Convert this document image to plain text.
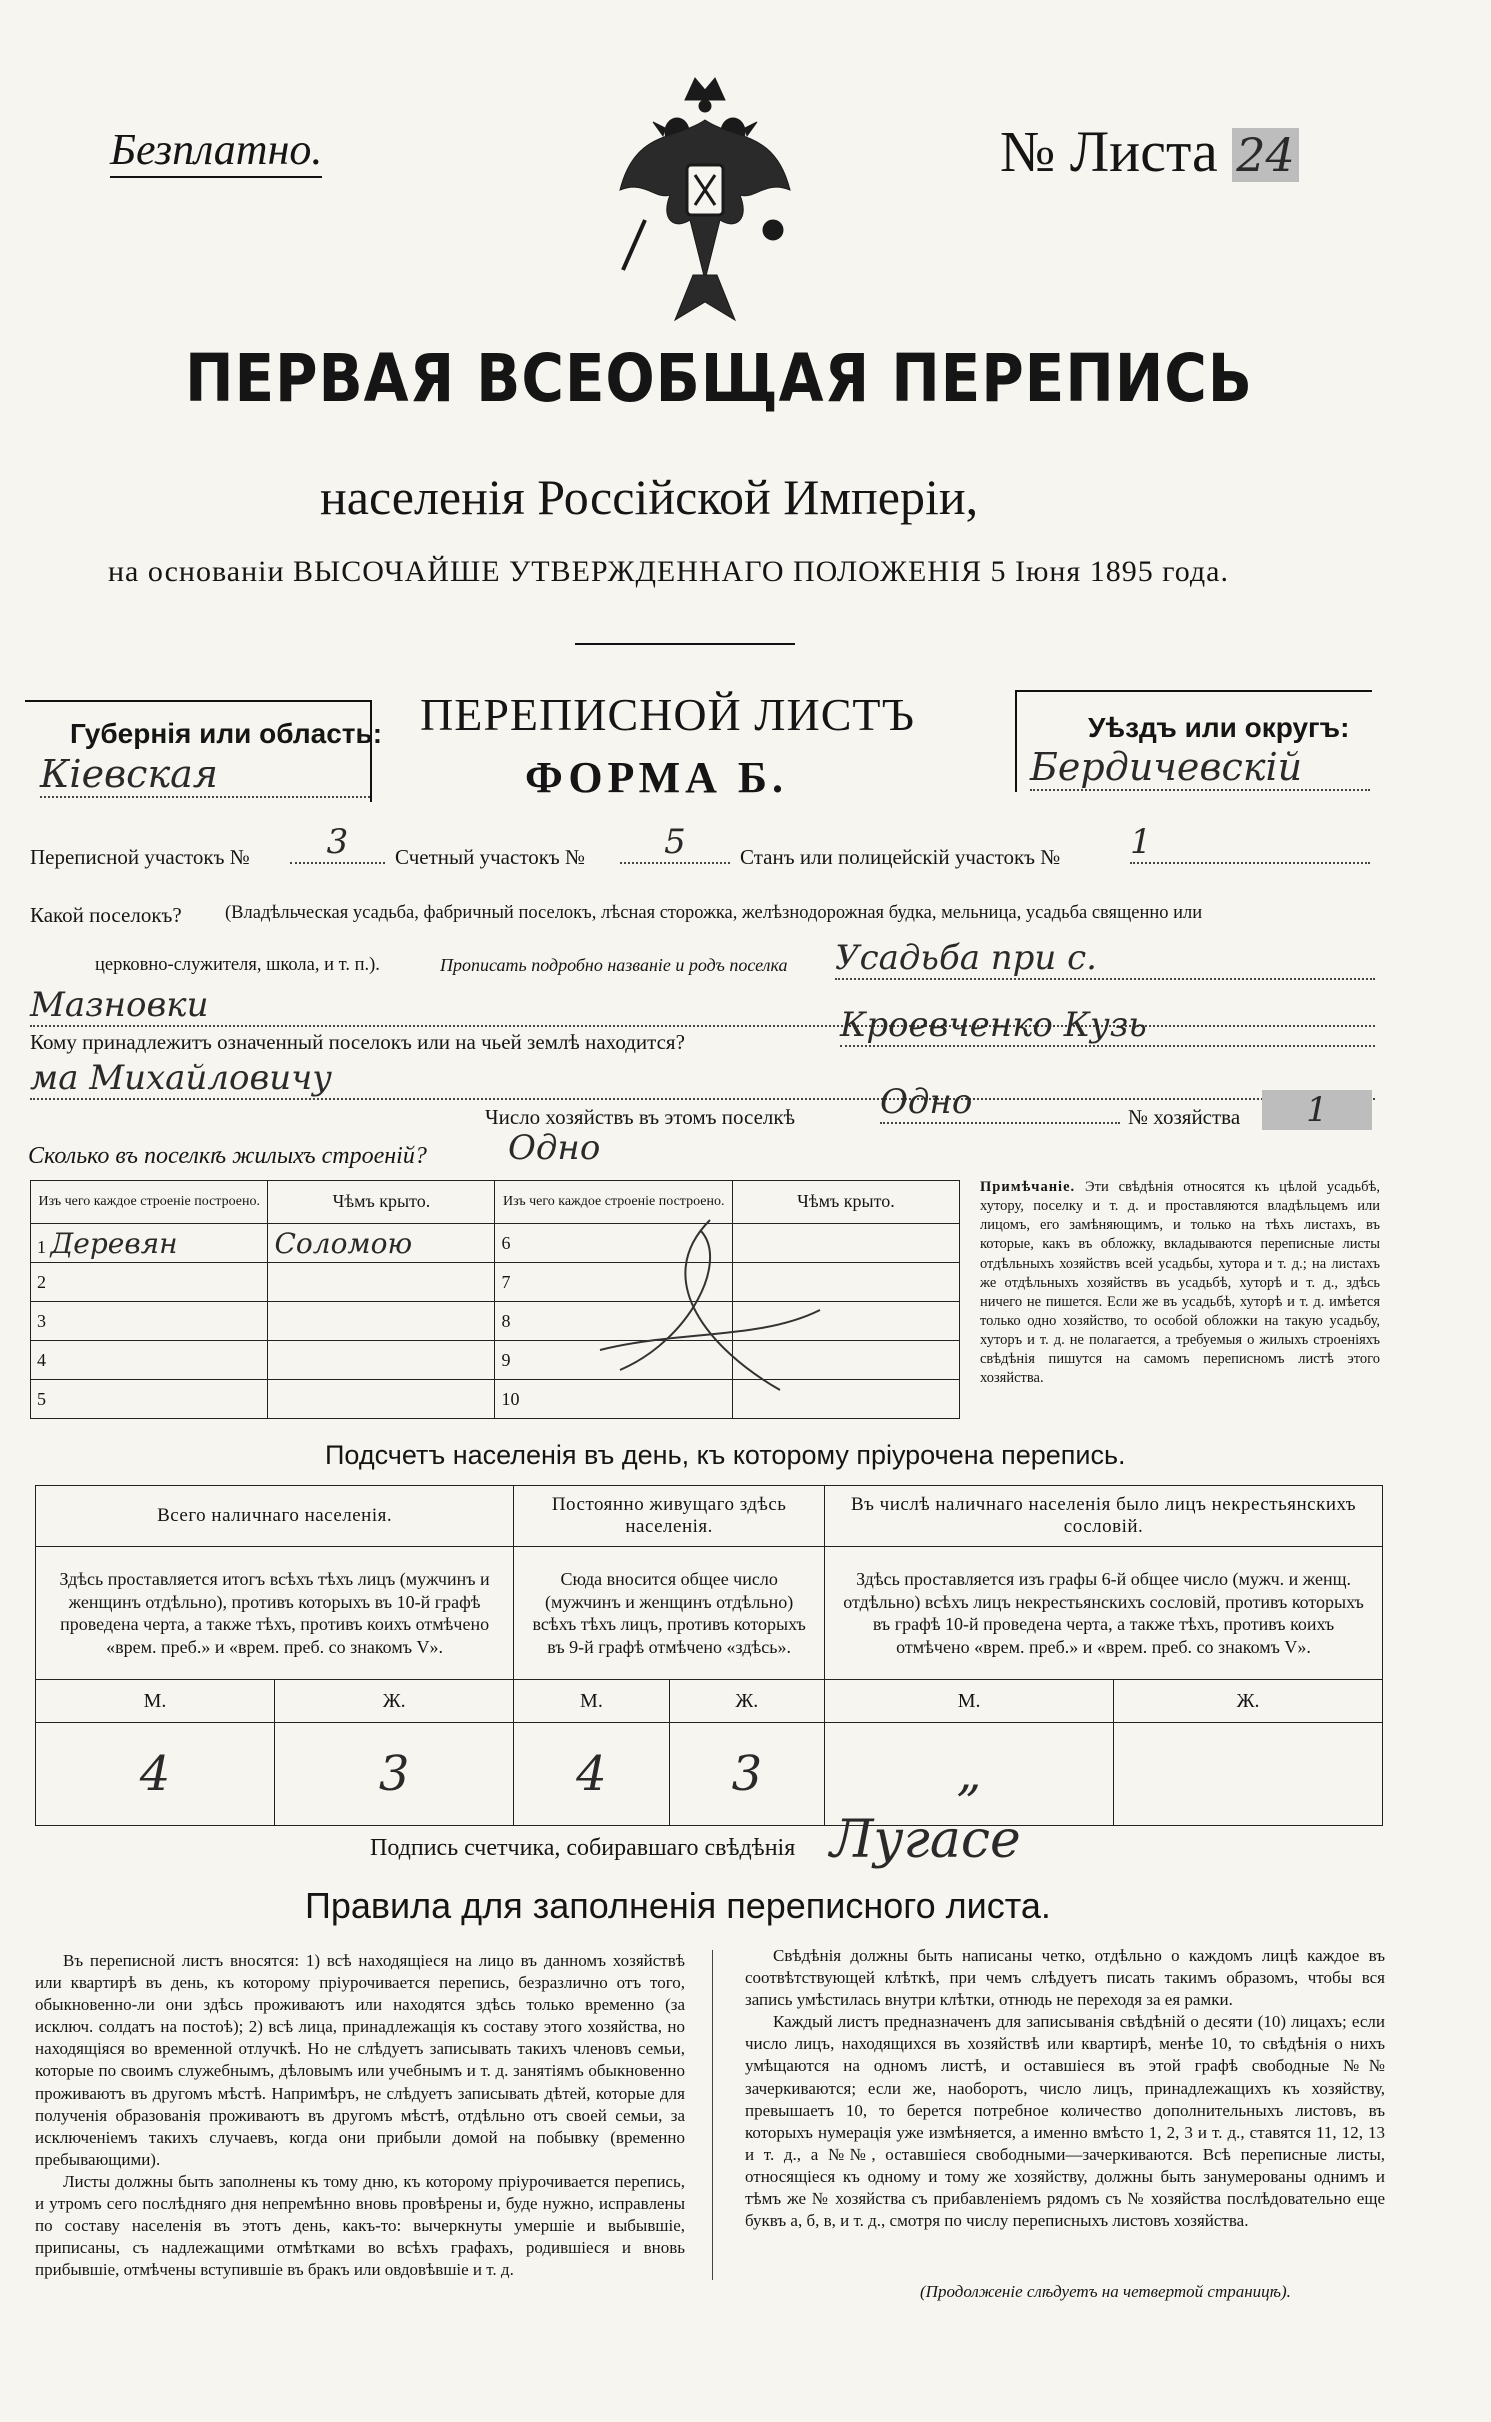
Безплатно.	№ Листа 24
ПЕРВАЯ ВСЕОБЩАЯ ПЕРЕПИСЬ
населенія Россійской Имперіи,
на основаніи ВЫСОЧАЙШЕ УТВЕРЖДЕННАГО ПОЛОЖЕНІЯ 5 Іюня 1895 года.
Губернія или область:
Кіевская
ПЕРЕПИСНОЙ ЛИСТЪ
ФОРМА Б.
Уѣздъ или округъ:
Бердичевскій
Переписной участокъ №	3	Счетный участокъ №	5	Станъ или полицейскій участокъ № 1
Какой поселокъ? (Владѣльческая усадьба, фабричный поселокъ, лѣсная сторожка, желѣзнодорожная будка, мельница, усадьба священно или
церковно-служителя, школа, и т. п.).	Прописать подробно названіе и родъ поселка Усадьба при с.
Мазновки
Кому принадлежитъ означенный поселокъ или на чьей землѣ находится?	Кроевченко Кузь
ма Михайловичу
Число хозяйствъ въ этомъ поселкѣ	Одно	№ хозяйства	1
Сколько въ поселкѣ жилыхъ строеній? Одно
Изъ чего каждое строеніе построено.	Чѣмъ крыто.	Изъ чего каждое строеніе построено.	Чѣмъ крыто.
1 Деревян	Соломою	6	
2		7	
3		8	
4		9	
5		10	
Примѣчаніе. Эти свѣдѣнія относятся къ цѣлой усадьбѣ, хутору, поселку и т. д. и проставляются владѣльцемъ или лицомъ, его замѣняющимъ, и только на тѣхъ листахъ, въ которые, какъ въ обложку, вкладываются переписные листы отдѣльныхъ хозяйствъ всей усадьбы, хутора и т. д.; на листахъ же отдѣльныхъ хозяйствъ въ усадьбѣ, хуторѣ и т. д., здѣсь ничего не пишется. Если же въ усадьбѣ, хуторѣ и т. д. имѣется только одно хозяйство, то особой обложки на такую усадьбу, хуторъ и т. д. не полагается, а требуемыя о жилыхъ строеніяхъ свѣдѣнія пишутся на самомъ переписномъ листѣ этого хозяйства.
Подсчетъ населенія въ день, къ которому пріурочена перепись.
Всего наличнаго населенія.		Постоянно живущаго здѣсь населенія.		Въ числѣ наличнаго населенія было лицъ некрестьянскихъ сословій.	
Здѣсь проставляется итогъ всѣхъ тѣхъ лицъ (мужчинъ и женщинъ отдѣльно), противъ которыхъ въ 10-й графѣ проведена черта, а также тѣхъ, противъ коихъ отмѣчено «врем. преб.» и «врем. преб. со знакомъ V».		Сюда вносится общее число (мужчинъ и женщинъ отдѣльно) всѣхъ тѣхъ лицъ, противъ которыхъ въ 9-й графѣ отмѣчено «здѣсь».		Здѣсь проставляется изъ графы 6-й общее число (мужч. и женщ. отдѣльно) всѣхъ лицъ некрестьянскихъ сословій, противъ которыхъ въ графѣ 10-й проведена черта, а также тѣхъ, противъ коихъ отмѣчено «врем. преб.» и «врем. преб. со знакомъ V».	
М.	Ж.	М.	Ж.	М.	Ж.
4	3	4	3	„	
Подпись счетчика, собиравшаго свѣдѣнія Лугасе
Правила для заполненія переписного листа.

Въ переписной листъ вносятся: 1) всѣ находящіеся на лицо въ данномъ хозяйствѣ или квартирѣ въ день, къ которому пріурочивается перепись, безразлично отъ того, обыкновенно-ли они здѣсь проживаютъ или находятся здѣсь только временно (за исключ. солдатъ на постоѣ); 2) всѣ лица, принадлежащія къ составу этого хозяйства, но находящіяся во временной отлучкѣ. Но не слѣдуетъ записывать такихъ членовъ семьи, которые по своимъ служебнымъ, дѣловымъ или учебнымъ и т. д. занятіямъ обыкновенно проживаютъ въ другомъ мѣстѣ. Напримѣръ, не слѣдуетъ записывать дѣтей, которые для полученія образованія проживаютъ въ другомъ мѣстѣ, отдѣльно отъ своей семьи, за исключеніемъ такихъ случаевъ, когда они прибыли домой на побывку (временно пребывающими).

Листы должны быть заполнены къ тому дню, къ которому пріурочивается перепись, и утромъ сего послѣдняго дня непремѣнно вновь провѣрены и, буде нужно, исправлены по составу населенія въ этотъ день, какъ-то: вычеркнуты умершіе и выбывшіе, приписаны, съ надлежащими отмѣтками во всѣхъ графахъ, родившіеся и вновь прибывшіе, отмѣчены вступившіе въ бракъ или овдовѣвшіе и т. д.

Свѣдѣнія должны быть написаны четко, отдѣльно о каждомъ лицѣ каждое въ соотвѣтствующей клѣткѣ, при чемъ слѣдуетъ писать такимъ образомъ, чтобы вся запись умѣстилась внутри клѣтки, отнюдь не переходя за ея рамки.

Каждый листъ предназначенъ для записыванія свѣдѣній о десяти (10) лицахъ; если число лицъ, находящихся въ хозяйствѣ или квартирѣ, менѣе 10, то свѣдѣнія о нихъ умѣщаются на одномъ листѣ, и оставшіеся въ этой графѣ свободные №№ зачеркиваются; если же, наоборотъ, число лицъ, принадлежащихъ къ хозяйству, превышаетъ 10, то берется потребное количество дополнительныхъ листовъ, въ которыхъ нумерація уже измѣняется, а именно вмѣсто 1, 2, 3 и т. д., ставятся 11, 12, 13 и т. д., а №№, оставшіеся свободными—зачеркиваются. Всѣ переписные листы, относящіеся къ одному и тому же хозяйству, должны быть занумерованы однимъ и тѣмъ же № хозяйства съ прибавленіемъ рядомъ съ № хозяйства послѣдовательно еще буквъ а, б, в, и т. д., смотря по числу переписныхъ листовъ хозяйства.

(Продолженіе слѣдуетъ на четвертой страницѣ).
